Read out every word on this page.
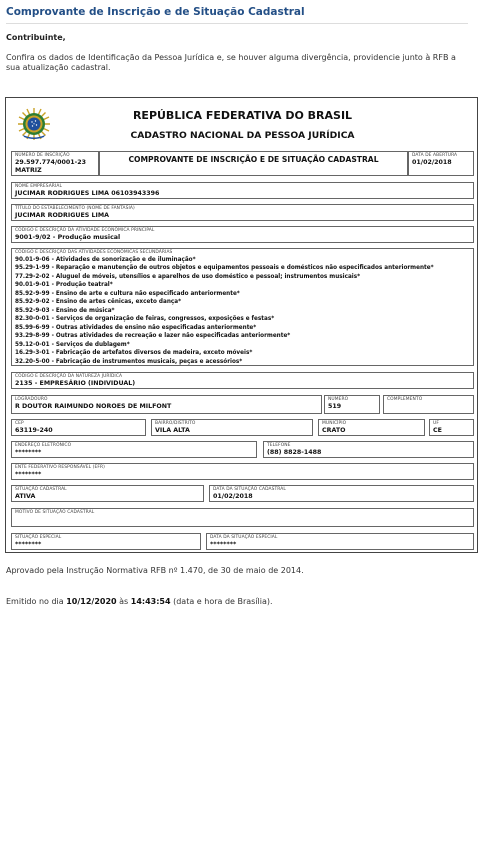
Comprovante de Inscrição e de Situação Cadastral
Contribuinte,
Confira os dados de Identificação da Pessoa Jurídica e, se houver alguma divergência, providencie junto à RFB a sua atualização cadastral.
REPÚBLICA FEDERATIVA DO BRASIL
CADASTRO NACIONAL DA PESSOA JURÍDICA
NÚMERO DE INSCRIÇÃO
29.597.774/0001-23
MATRIZ
COMPROVANTE DE INSCRIÇÃO E DE SITUAÇÃO CADASTRAL	DATA DE ABERTURA
01/02/2018
NOME EMPRESARIAL
JUCIMAR RODRIGUES LIMA 06103943396
TÍTULO DO ESTABELECIMENTO (NOME DE FANTASIA)
JUCIMAR RODRIGUES LIMA
CÓDIGO E DESCRIÇÃO DA ATIVIDADE ECONÔMICA PRINCIPAL
9001-9/02 - Produção musical
CÓDIGO E DESCRIÇÃO DAS ATIVIDADES ECONÔMICAS SECUNDÁRIAS
90.01-9-06 - Atividades de sonorização e de iluminação*
95.29-1-99 - Reparação e manutenção de outros objetos e equipamentos pessoais e domésticos não especificados anteriormente*
77.29-2-02 - Aluguel de móveis, utensílios e aparelhos de uso doméstico e pessoal; instrumentos musicais*
90.01-9-01 - Produção teatral*
85.92-9-99 - Ensino de arte e cultura não especificado anteriormente*
85.92-9-02 - Ensino de artes cênicas, exceto dança*
85.92-9-03 - Ensino de música*
82.30-0-01 - Serviços de organização de feiras, congressos, exposições e festas*
85.99-6-99 - Outras atividades de ensino não especificadas anteriormente*
93.29-8-99 - Outras atividades de recreação e lazer não especificadas anteriormente*
59.12-0-01 - Serviços de dublagem*
16.29-3-01 - Fabricação de artefatos diversos de madeira, exceto móveis*
32.20-5-00 - Fabricação de instrumentos musicais, peças e acessórios*
CÓDIGO E DESCRIÇÃO DA NATUREZA JURÍDICA
2135 - EMPRESÁRIO (INDIVIDUAL)
LOGRADOURO
R DOUTOR RAIMUNDO NOROES DE MILFONT
NÚMERO
519
COMPLEMENTO
CEP
63119-240
BAIRRO/DISTRITO
VILA ALTA
MUNICÍPIO
CRATO
UF
CE
ENDEREÇO ELETRÔNICO
********
TELEFONE
(88) 8828-1488
ENTE FEDERATIVO RESPONSÁVEL (EFR)
********
SITUAÇÃO CADASTRAL
ATIVA
DATA DA SITUAÇÃO CADASTRAL
01/02/2018
MOTIVO DE SITUAÇÃO CADASTRAL
SITUAÇÃO ESPECIAL
********
DATA DA SITUAÇÃO ESPECIAL
********
Aprovado pela Instrução Normativa RFB nº 1.470, de 30 de maio de 2014.
Emitido no dia 10/12/2020 às 14:43:54 (data e hora de Brasília).
